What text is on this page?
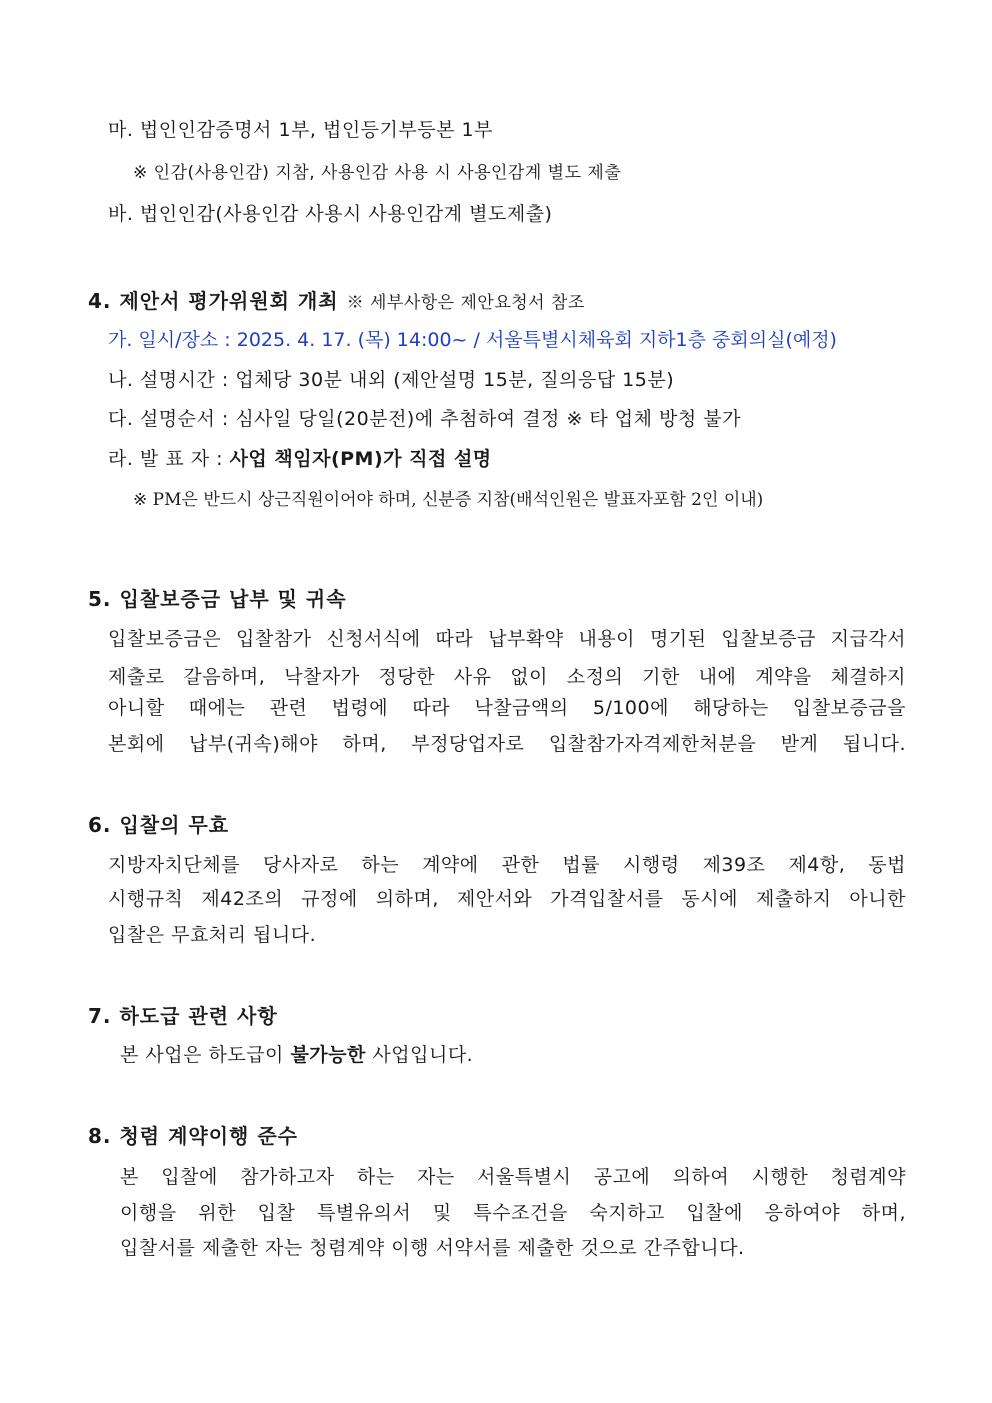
마. 법인인감증명서 1부, 법인등기부등본 1부
※ 인감(사용인감) 지참, 사용인감 사용 시 사용인감계 별도 제출
바. 법인인감(사용인감 사용시 사용인감계 별도제출)
4. 제안서 평가위원회 개최 ※ 세부사항은 제안요청서 참조
가. 일시/장소 : 2025. 4. 17. (목) 14:00~ / 서울특별시체육회 지하1층 중회의실(예정)
나. 설명시간 : 업체당 30분 내외 (제안설명 15분, 질의응답 15분)
다. 설명순서 : 심사일 당일(20분전)에 추첨하여 결정 ※ 타 업체 방청 불가
라. 발 표 자 : 사업 책임자(PM)가 직접 설명
※ PM은 반드시 상근직원이어야 하며, 신분증 지참(배석인원은 발표자포함 2인 이내)
5. 입찰보증금 납부 및 귀속
입찰보증금은 입찰참가 신청서식에 따라 납부확약 내용이 명기된 입찰보증금 지급각서
제출로 갈음하며, 낙찰자가 정당한 사유 없이 소정의 기한 내에 계약을 체결하지
아니할 때에는 관련 법령에 따라 낙찰금액의 5/100에 해당하는 입찰보증금을
본회에 납부(귀속)해야 하며, 부정당업자로 입찰참가자격제한처분을 받게 됩니다.
6. 입찰의 무효
지방자치단체를 당사자로 하는 계약에 관한 법률 시행령 제39조 제4항, 동법
시행규칙 제42조의 규정에 의하며, 제안서와 가격입찰서를 동시에 제출하지 아니한
입찰은 무효처리 됩니다.
7. 하도급 관련 사항
본 사업은 하도급이 불가능한 사업입니다.
8. 청렴 계약이행 준수
본 입찰에 참가하고자 하는 자는 서울특별시 공고에 의하여 시행한 청렴계약
이행을 위한 입찰 특별유의서 및 특수조건을 숙지하고 입찰에 응하여야 하며,
입찰서를 제출한 자는 청렴계약 이행 서약서를 제출한 것으로 간주합니다.
